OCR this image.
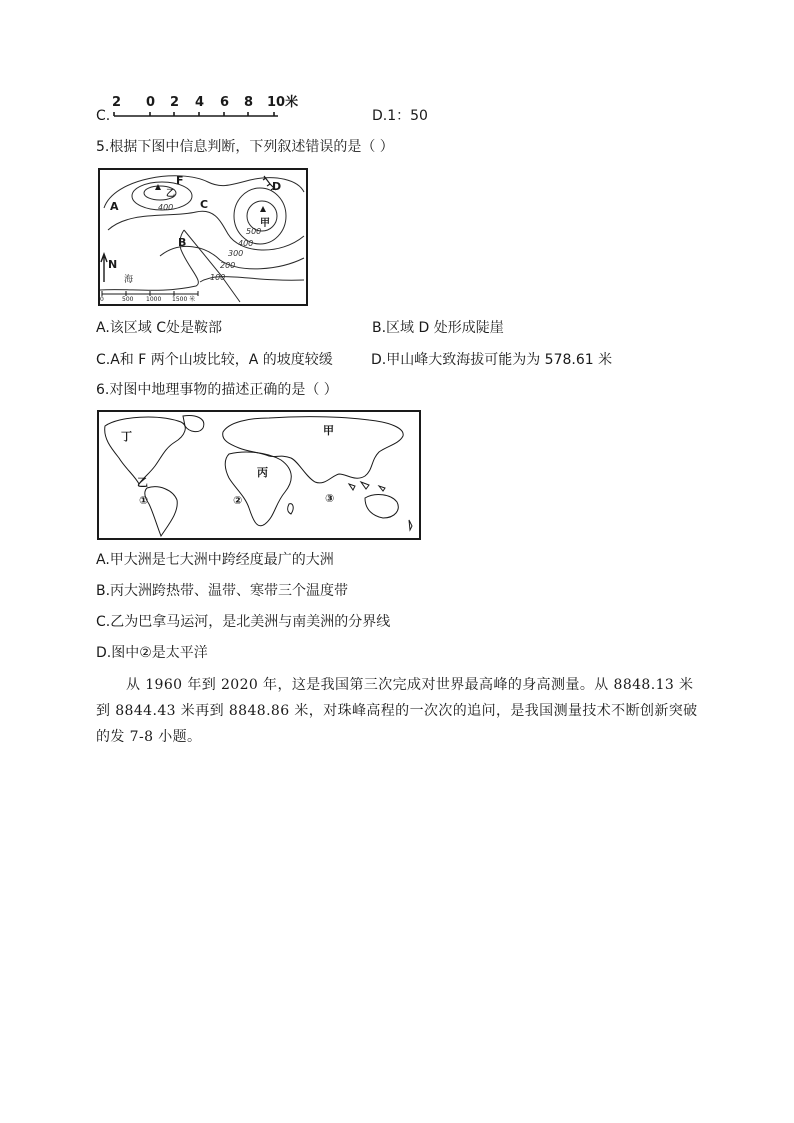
C.
2 0 2 4 6 8 10米
D.1：50
5.根据下图中信息判断，下列叙述错误的是（ ）
A
B
C
D
F
乙
甲
N
400
500
400
300
200
100
海
0	500 1000 1500 米
A.该区域 C处是鞍部	B.区域 D 处形成陡崖
C.A和 F 两个山坡比较，A 的坡度较缓	D.甲山峰大致海拔可能为为 578.61 米
6.对图中地理事物的描述正确的是（ ）
丁	甲
丙
乙
①	②	③
A.甲大洲是七大洲中跨经度最广的大洲
B.丙大洲跨热带、温带、寒带三个温度带
C.乙为巴拿马运河，是北美洲与南美洲的分界线
D.图中②是太平洋
从 1960 年到 2020 年，这是我国第三次完成对世界最高峰的身高测量。从 8848.13 米到 8844.43 米再到 8848.86 米，对珠峰高程的一次次的追问，是我国测量技术不断创新突破的发 7-8 小题。
